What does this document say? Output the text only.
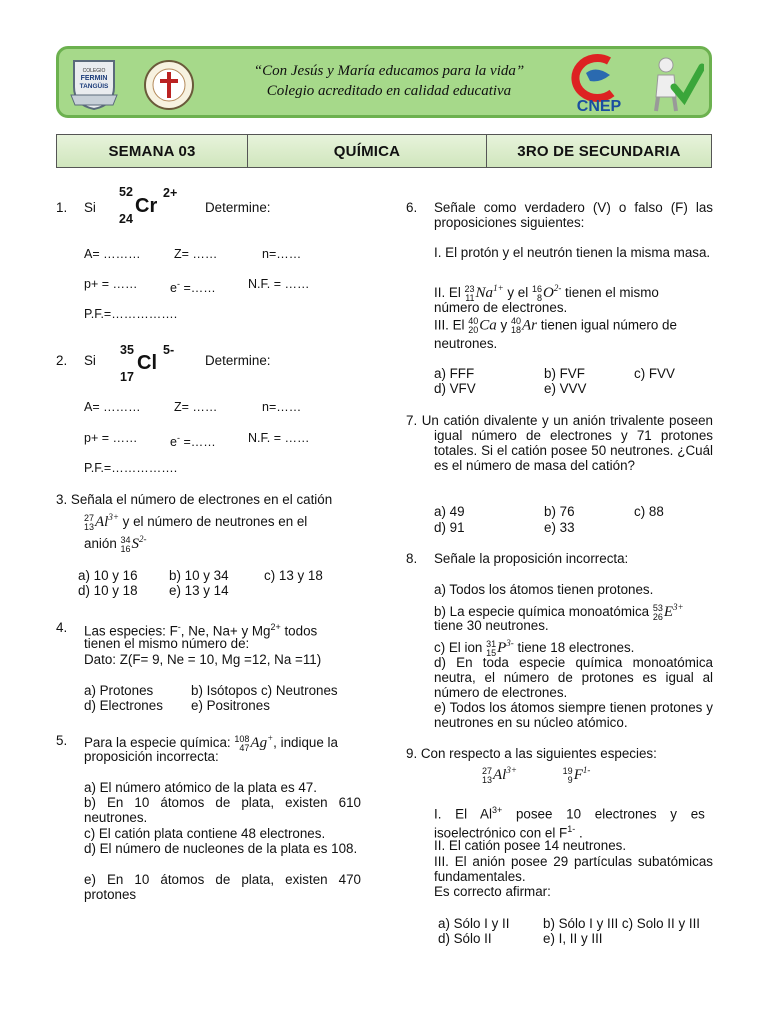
COLEGIO
FERMIN
TANGÜIS
“Con Jesús y María educamos para la vida”
Colegio acreditado en calidad educativa
CNEP
SEMANA 03	QUÍMICA	3RO DE SECUNDARIA
1. Si
52
24
Cr
2+
Determine:
A= ………	Z= ……	n=……
p+ = ……	e- =……	N.F. = ……
P.F.=…………….
2. Si
35
17
Cl
5-
Determine:
A= ………	Z= ……	n=……
p+ = ……	e- =……	N.F. = ……
P.F.=…………….
3. Señala el número de electrones en el catión
27
13 $Al^{3+}$ y el número de neutrones en el
anión 34
16 $S^{2-}$
a) 10 y 16 b) 10 y 34	c) 13 y 18
d) 10 y 18 e) 13 y 14
4. Las especies: F-, Ne, Na+ y $Mg^{2+}$ todos
tienen el mismo número de:
Dato: Z(F= 9, Ne = 10, Mg =12, Na =11)
a) Protones	b) Isótopos c) Neutrones
d) Electrones e) Positrones
5. Para la especie química: 108
47 Ag+, indique la
proposición incorrecta:
a) El número atómico de la plata es 47.
b) En 10 átomos de plata, existen 610 neutrones.
c) El catión plata contiene 48 electrones.
d) El número de nucleones de la plata es 108.
e) En 10 átomos de plata, existen 470 protones
6. Señale como verdadero (V) o falso (F) las proposiciones siguientes:
I. El protón y el neutrón tienen la misma masa.
II. El 23
11 $Na^{1+}$ y el 16
8 $O^{2-}$ tienen el mismo
número de electrones.
III. El 40
20 Ca y 40
18 Ar tienen igual número de
neutrones.
a) FFF	b) FVF	c) FVV
d) VFV	e) VVV
7. Un catión divalente y un anión trivalente poseen igual número de electrones y 71 protones totales. Si el catión posee 50 neutrones. ¿Cuál es el número de masa del catión?
a) 49	b) 76	c) 88
d) 91	e) 33
8. Señale la proposición incorrecta:
a) Todos los átomos tienen protones.
b) La especie química monoatómica 53
26 $E^{3+}$
tiene 30 neutrones.
c) El ion 31
15 $P^{3-}$ tiene 18 electrones.
d) En toda especie química monoatómica neutra, el número de protones es igual al número de electrones.
e) Todos los átomos siempre tienen protones y neutrones en su núcleo atómico.
9. Con respecto a las siguientes especies:
27
13 $Al^{3+}$	19
9 $F^{1-}$
I. El $Al^{3+}$ posee 10 electrones y es
isoelectrónico con el $F^{1-}$ .
II. El catión posee 14 neutrones.
III. El anión posee 29 partículas subatómicas fundamentales.
Es correcto afirmar:
a) Sólo I y II	b) Sólo I y III c) Solo II y III
d) Sólo II	e) I, II y III
